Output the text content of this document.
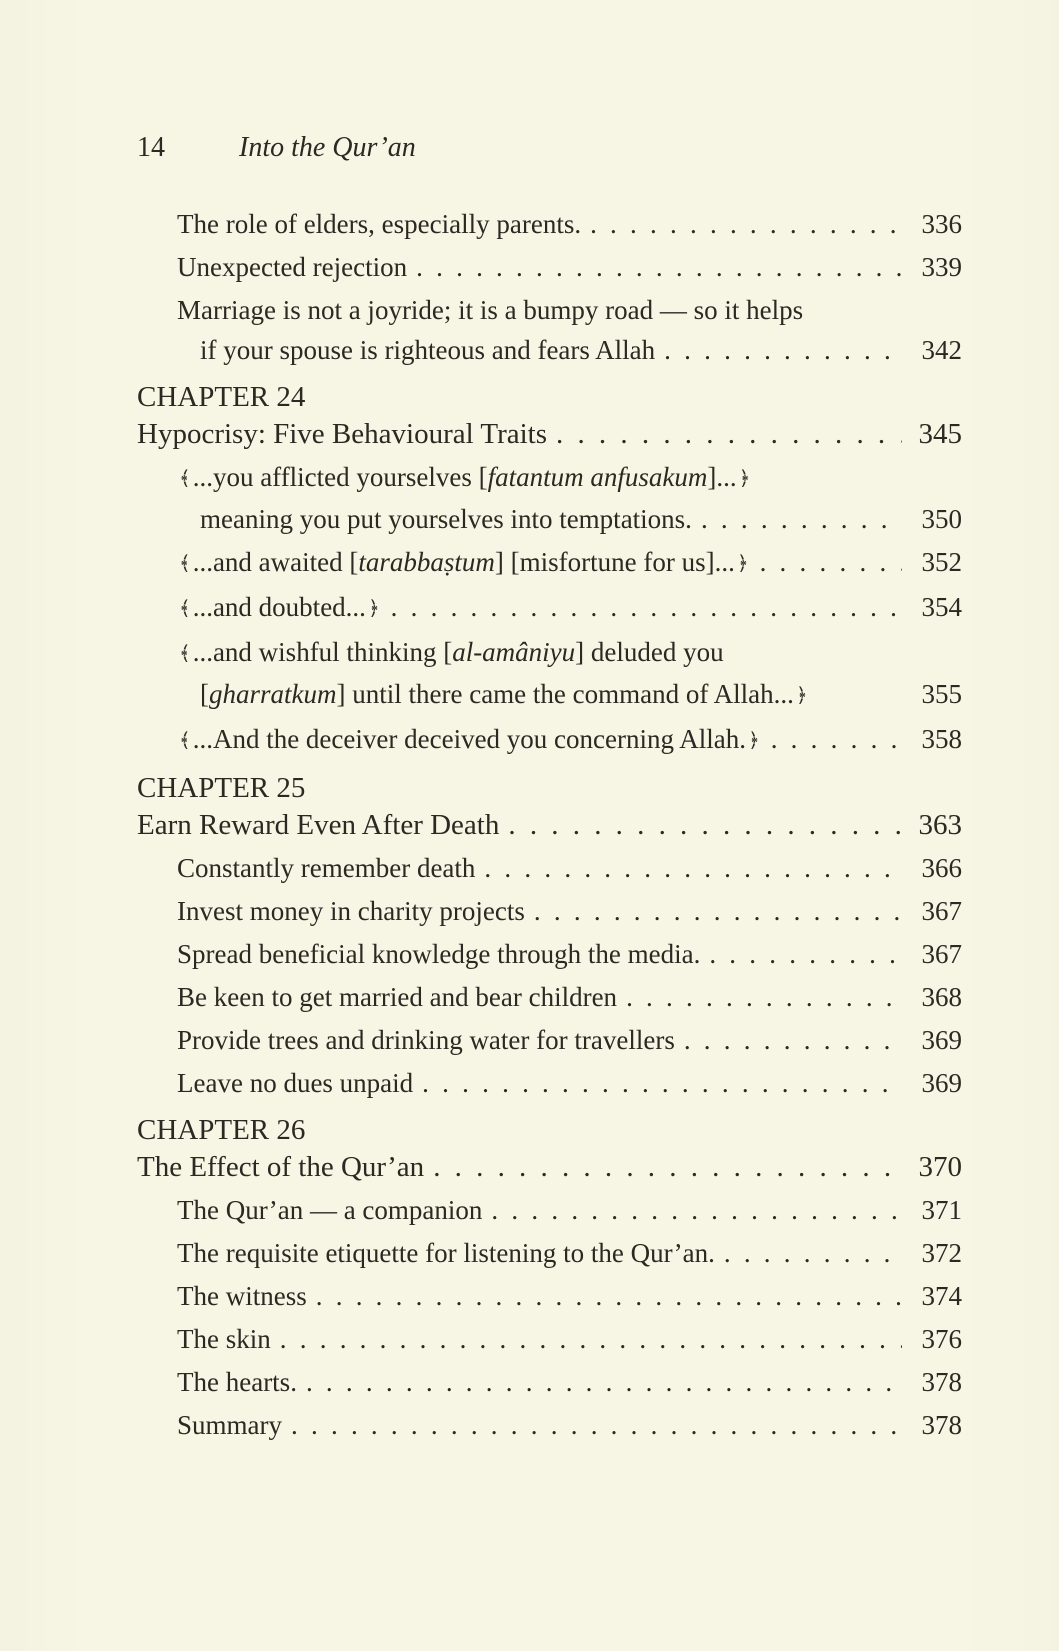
14	Into the Qur’an
The role of elders, especially parents. . . .	336
Unexpected rejection . . .	339
Marriage is not a joyride; it is a bumpy road — so it helps
if your spouse is righteous and fears Allah . . .	342
CHAPTER 24
Hypocrisy: Five Behavioural Traits . . .	345
﴾...you afflicted yourselves [fatantum anfusakum]... ﴿
meaning you put yourselves into temptations. . . .	350
﴾...and awaited [tarabbaṣtum] [misfortune for us]... ﴿ . . .	352
﴾...and doubted... ﴿ . . .	354
﴾...and wishful thinking [al-amâniyu] deluded you
[gharratkum] until there came the command of Allah... ﴿	355
﴾...And the deceiver deceived you concerning Allah. ﴿ . . .	358
CHAPTER 25
Earn Reward Even After Death . . .	363
Constantly remember death . . .	366
Invest money in charity projects . . .	367
Spread beneficial knowledge through the media. . . .	367
Be keen to get married and bear children . . .	368
Provide trees and drinking water for travellers . . .	369
Leave no dues unpaid . . .	369
CHAPTER 26
The Effect of the Qur’an . . .	370
The Qur’an — a companion . . .	371
The requisite etiquette for listening to the Qur’an. . . .	372
The witness . . .	374
The skin . . .	376
The hearts. . . .	378
Summary . . .	378
